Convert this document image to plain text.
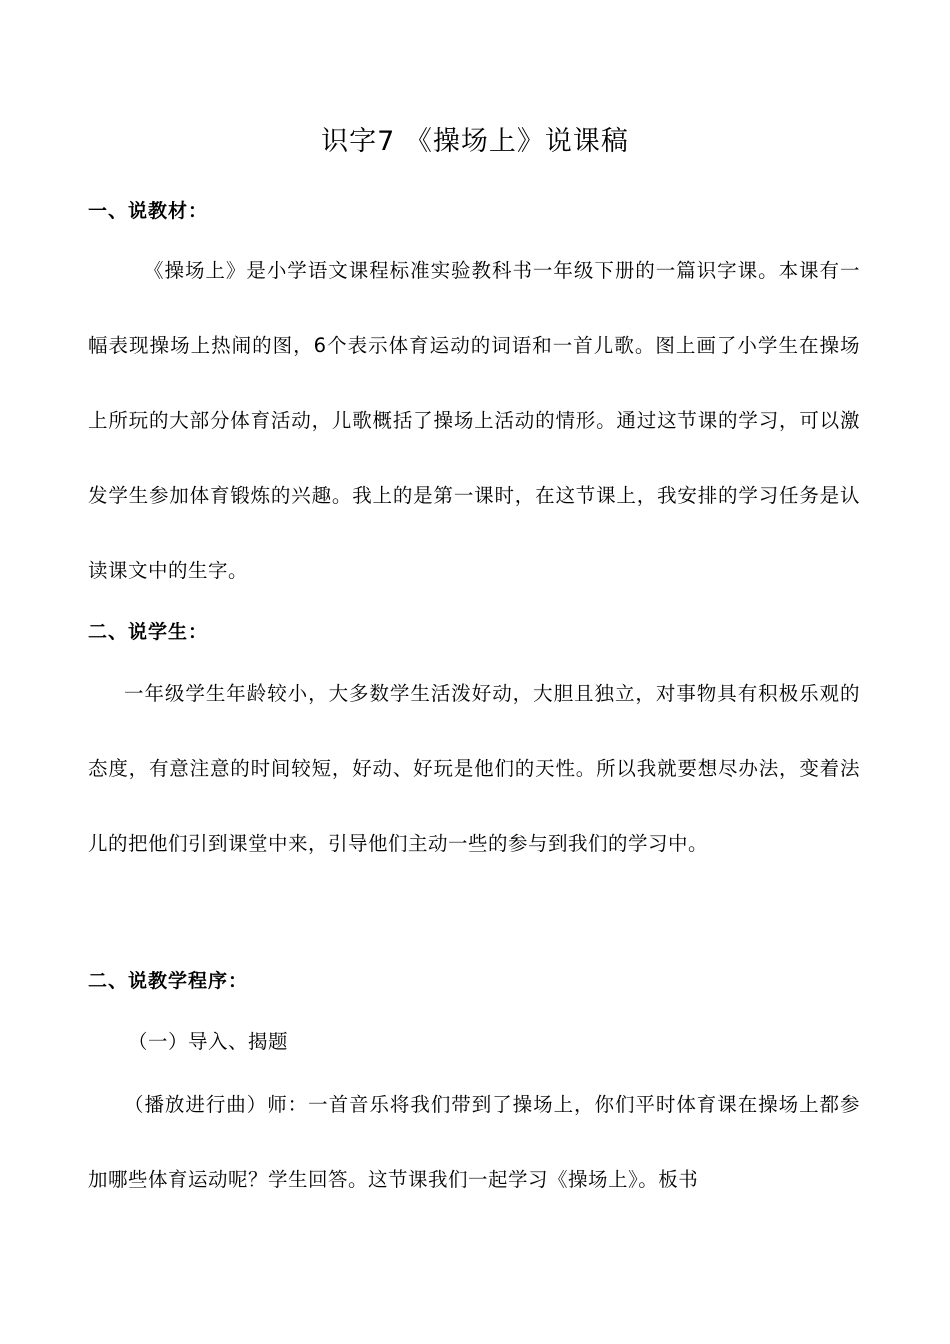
识字7 《操场上》说课稿
一、说教材：
《操场上》是小学语文课程标准实验教科书一年级下册的一篇识字课。本课有一幅表现操场上热闹的图，6个表示体育运动的词语和一首儿歌。图上画了小学生在操场上所玩的大部分体育活动，儿歌概括了操场上活动的情形。通过这节课的学习，可以激发学生参加体育锻炼的兴趣。我上的是第一课时，在这节课上，我安排的学习任务是认读课文中的生字。
二、说学生：
一年级学生年龄较小，大多数学生活泼好动，大胆且独立，对事物具有积极乐观的态度，有意注意的时间较短，好动、好玩是他们的天性。所以我就要想尽办法，变着法儿的把他们引到课堂中来，引导他们主动一些的参与到我们的学习中。
二、说教学程序：
（一）导入、揭题
（播放进行曲）师：一首音乐将我们带到了操场上，你们平时体育课在操场上都参加哪些体育运动呢？学生回答。这节课我们一起学习《操场上》。板书
